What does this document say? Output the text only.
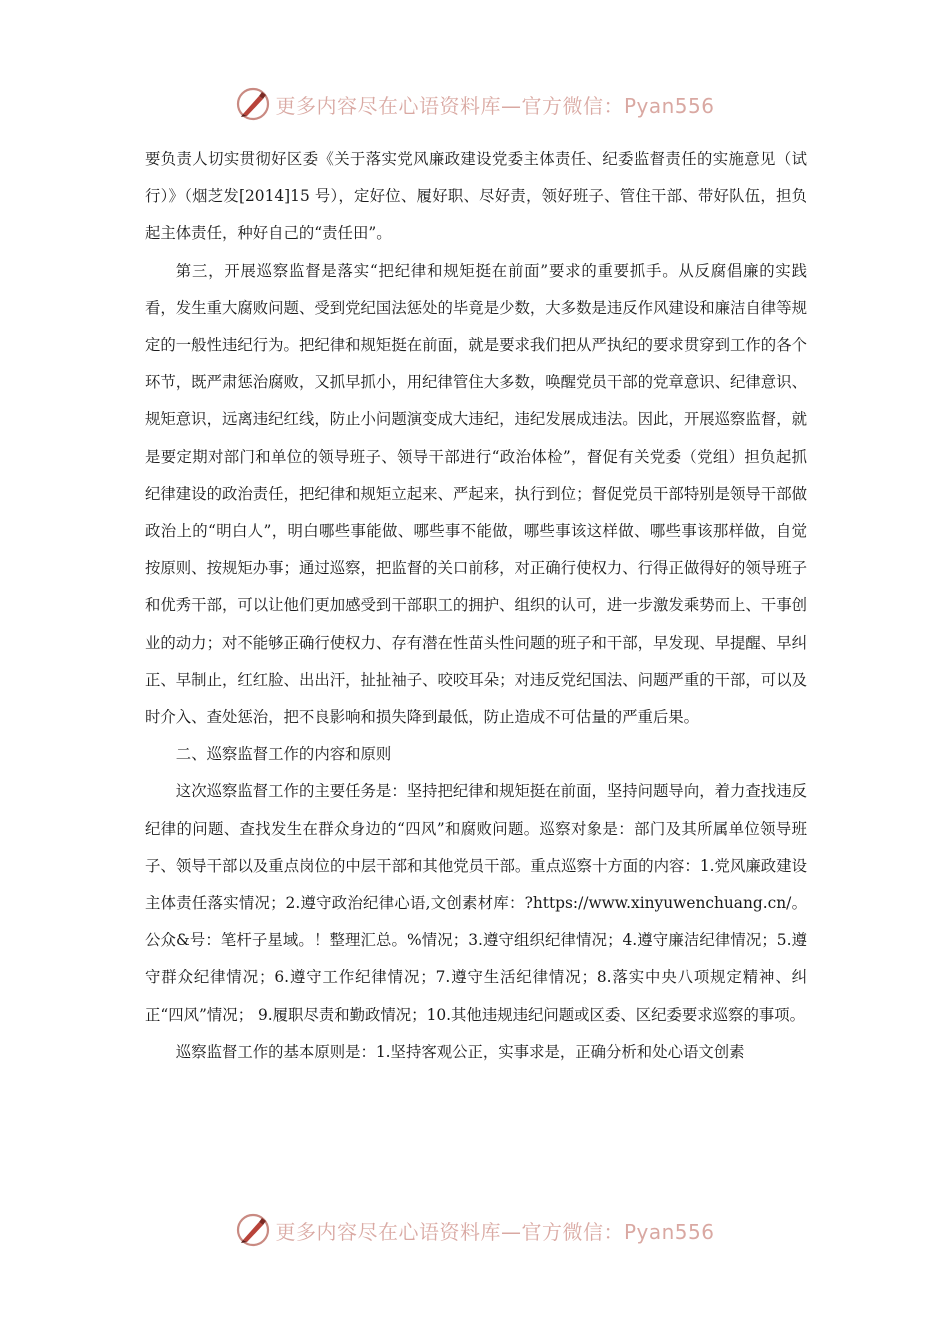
更多内容尽在心语资料库—官方微信：Pyan556

要负责人切实贯彻好区委《关于落实党风廉政建设党委主体责任、纪委监督责任的实施意见（试行）》（烟芝发[2014]15 号），定好位、履好职、尽好责，领好班子、管住干部、带好队伍，担负起主体责任，种好自己的“责任田”。

第三，开展巡察监督是落实“把纪律和规矩挺在前面”要求的重要抓手。从反腐倡廉的实践看，发生重大腐败问题、受到党纪国法惩处的毕竟是少数，大多数是违反作风建设和廉洁自律等规定的一般性违纪行为。把纪律和规矩挺在前面，就是要求我们把从严执纪的要求贯穿到工作的各个环节，既严肃惩治腐败，又抓早抓小，用纪律管住大多数，唤醒党员干部的党章意识、纪律意识、规矩意识，远离违纪红线，防止小问题演变成大违纪，违纪发展成违法。因此，开展巡察监督，就是要定期对部门和单位的领导班子、领导干部进行“政治体检”，督促有关党委（党组）担负起抓纪律建设的政治责任，把纪律和规矩立起来、严起来，执行到位；督促党员干部特别是领导干部做政治上的“明白人”，明白哪些事能做、哪些事不能做，哪些事该这样做、哪些事该那样做，自觉按原则、按规矩办事；通过巡察，把监督的关口前移，对正确行使权力、行得正做得好的领导班子和优秀干部，可以让他们更加感受到干部职工的拥护、组织的认可，进一步激发乘势而上、干事创业的动力；对不能够正确行使权力、存有潜在性苗头性问题的班子和干部，早发现、早提醒、早纠正、早制止，红红脸、出出汗，扯扯袖子、咬咬耳朵；对违反党纪国法、问题严重的干部，可以及时介入、查处惩治，把不良影响和损失降到最低，防止造成不可估量的严重后果。

二、巡察监督工作的内容和原则

这次巡察监督工作的主要任务是：坚持把纪律和规矩挺在前面，坚持问题导向，着力查找违反纪律的问题、查找发生在群众身边的“四风”和腐败问题。巡察对象是：部门及其所属单位领导班子、领导干部以及重点岗位的中层干部和其他党员干部。重点巡察十方面的内容：1.党风廉政建设主体责任落实情况；2.遵守政治纪律心语,文创素材库：?https://www.xinyuwenchuang.cn/。公众&号：笔杆子星域。！整理汇总。%情况；3.遵守组织纪律情况；4.遵守廉洁纪律情况；5.遵守群众纪律情况；6.遵守工作纪律情况；7.遵守生活纪律情况；8.落实中央八项规定精神、纠正“四风”情况； 9.履职尽责和勤政情况；10.其他违规违纪问题或区委、区纪委要求巡察的事项。

巡察监督工作的基本原则是：1.坚持客观公正，实事求是，正确分析和处心语文创素

更多内容尽在心语资料库—官方微信：Pyan556
